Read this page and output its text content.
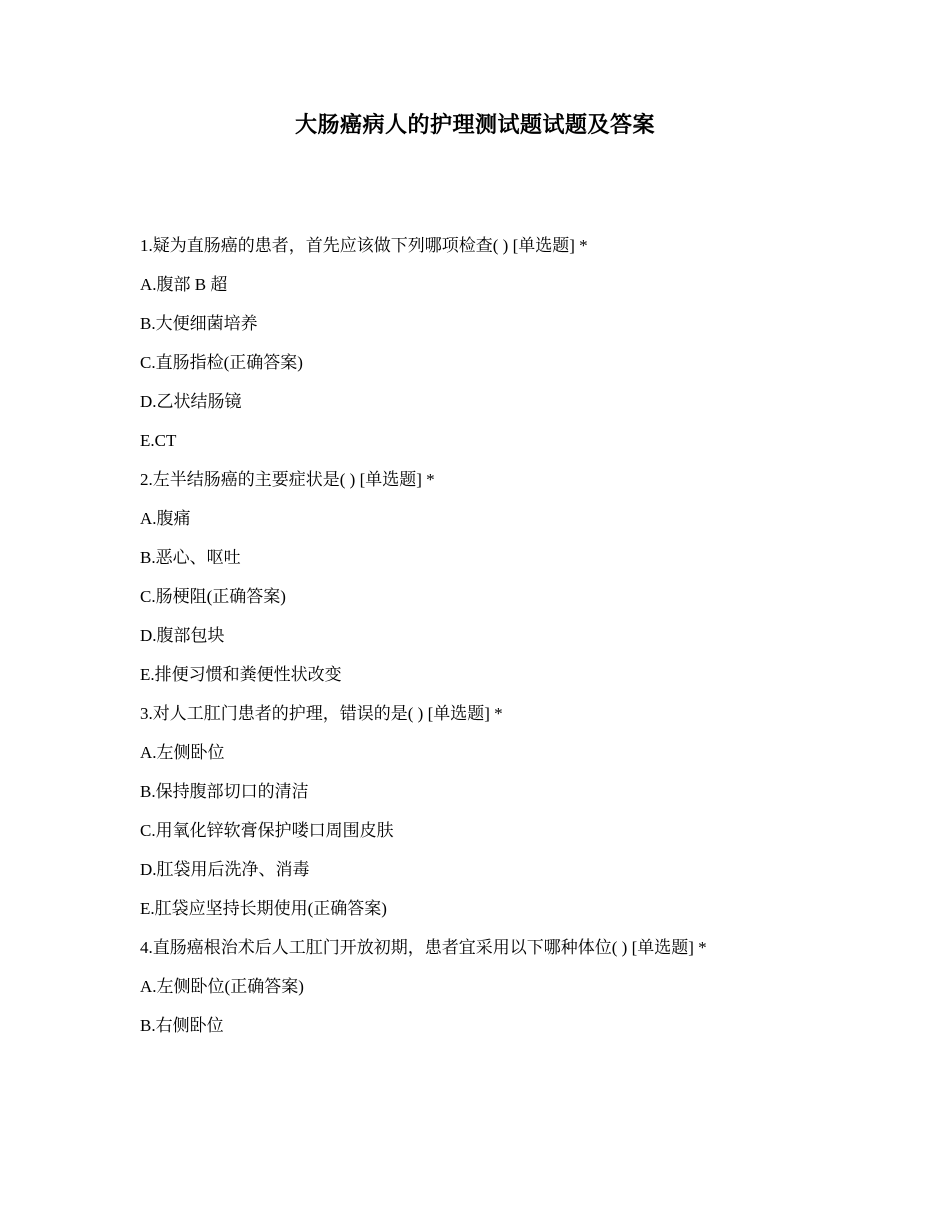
大肠癌病人的护理测试题试题及答案
1.疑为直肠癌的患者，首先应该做下列哪项检查( ) [单选题] *
A.腹部 B 超
B.大便细菌培养
C.直肠指检(正确答案)
D.乙状结肠镜
E.CT
2.左半结肠癌的主要症状是( ) [单选题] *
A.腹痛
B.恶心、呕吐
C.肠梗阻(正确答案)
D.腹部包块
E.排便习惯和粪便性状改变
3.对人工肛门患者的护理，错误的是( ) [单选题] *
A.左侧卧位
B.保持腹部切口的清洁
C.用氧化锌软膏保护喽口周围皮肤
D.肛袋用后洗净、消毒
E.肛袋应坚持长期使用(正确答案)
4.直肠癌根治术后人工肛门开放初期，患者宜采用以下哪种体位( ) [单选题] *
A.左侧卧位(正确答案)
B.右侧卧位
